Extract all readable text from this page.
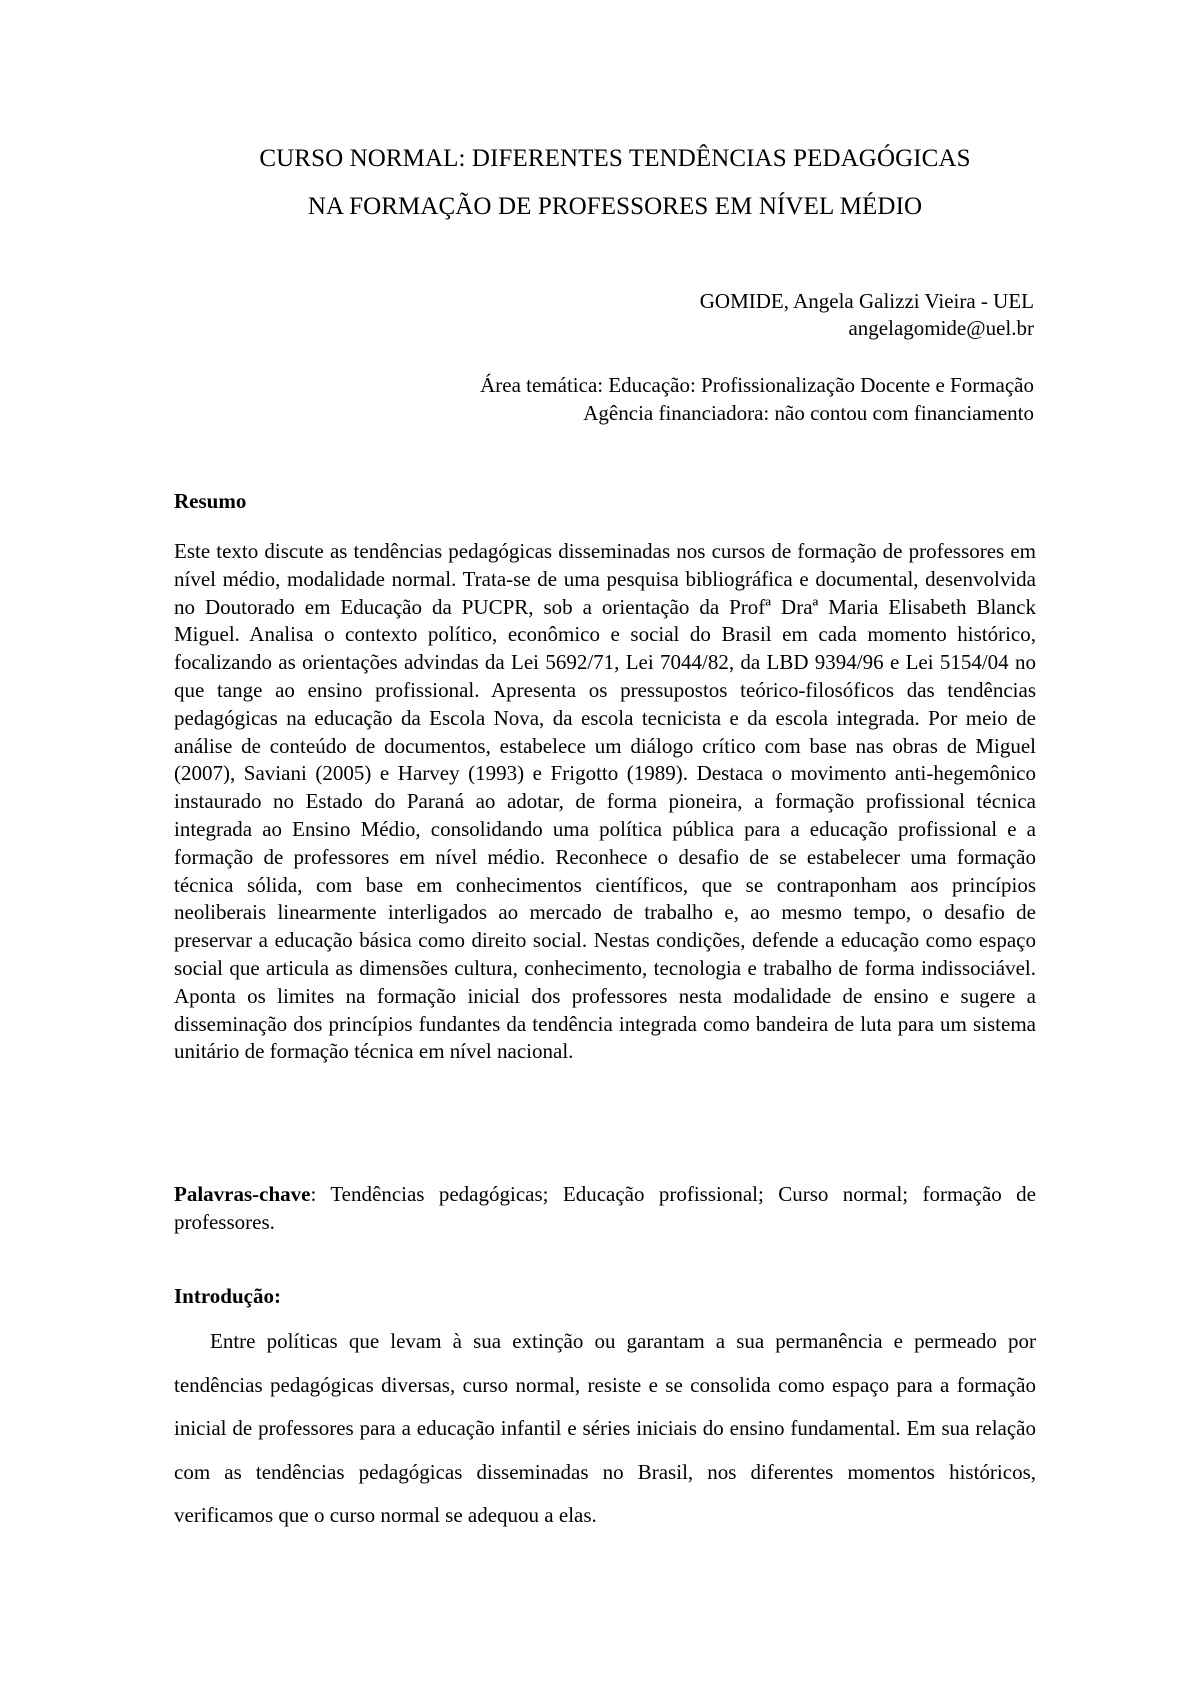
CURSO NORMAL: DIFERENTES TENDÊNCIAS PEDAGÓGICAS
NA FORMAÇÃO DE PROFESSORES EM NÍVEL MÉDIO
GOMIDE, Angela Galizzi Vieira - UEL
angelagomide@uel.br
Área temática: Educação: Profissionalização Docente e Formação
Agência financiadora: não contou com financiamento
Resumo
Este texto discute as tendências pedagógicas disseminadas nos cursos de formação de professores em nível médio, modalidade normal. Trata-se de uma pesquisa bibliográfica e documental, desenvolvida no Doutorado em Educação da PUCPR, sob a orientação da Profª Draª Maria Elisabeth Blanck Miguel. Analisa o contexto político, econômico e social do Brasil em cada momento histórico, focalizando as orientações advindas da Lei 5692/71, Lei 7044/82, da LBD 9394/96 e Lei 5154/04 no que tange ao ensino profissional. Apresenta os pressupostos teórico-filosóficos das tendências pedagógicas na educação da Escola Nova, da escola tecnicista e da escola integrada. Por meio de análise de conteúdo de documentos, estabelece um diálogo crítico com base nas obras de Miguel (2007), Saviani (2005) e Harvey (1993) e Frigotto (1989). Destaca o movimento anti-hegemônico instaurado no Estado do Paraná ao adotar, de forma pioneira, a formação profissional técnica integrada ao Ensino Médio, consolidando uma política pública para a educação profissional e a formação de professores em nível médio. Reconhece o desafio de se estabelecer uma formação técnica sólida, com base em conhecimentos científicos, que se contraponham aos princípios neoliberais linearmente interligados ao mercado de trabalho e, ao mesmo tempo, o desafio de preservar a educação básica como direito social. Nestas condições, defende a educação como espaço social que articula as dimensões cultura, conhecimento, tecnologia e trabalho de forma indissociável. Aponta os limites na formação inicial dos professores nesta modalidade de ensino e sugere a disseminação dos princípios fundantes da tendência integrada como bandeira de luta para um sistema unitário de formação técnica em nível nacional.
Palavras-chave: Tendências pedagógicas; Educação profissional; Curso normal; formação de professores.
Introdução:
Entre políticas que levam à sua extinção ou garantam a sua permanência e permeado por tendências pedagógicas diversas, curso normal, resiste e se consolida como espaço para a formação inicial de professores para a educação infantil e séries iniciais do ensino fundamental. Em sua relação com as tendências pedagógicas disseminadas no Brasil, nos diferentes momentos históricos, verificamos que o curso normal se adequou a elas.
